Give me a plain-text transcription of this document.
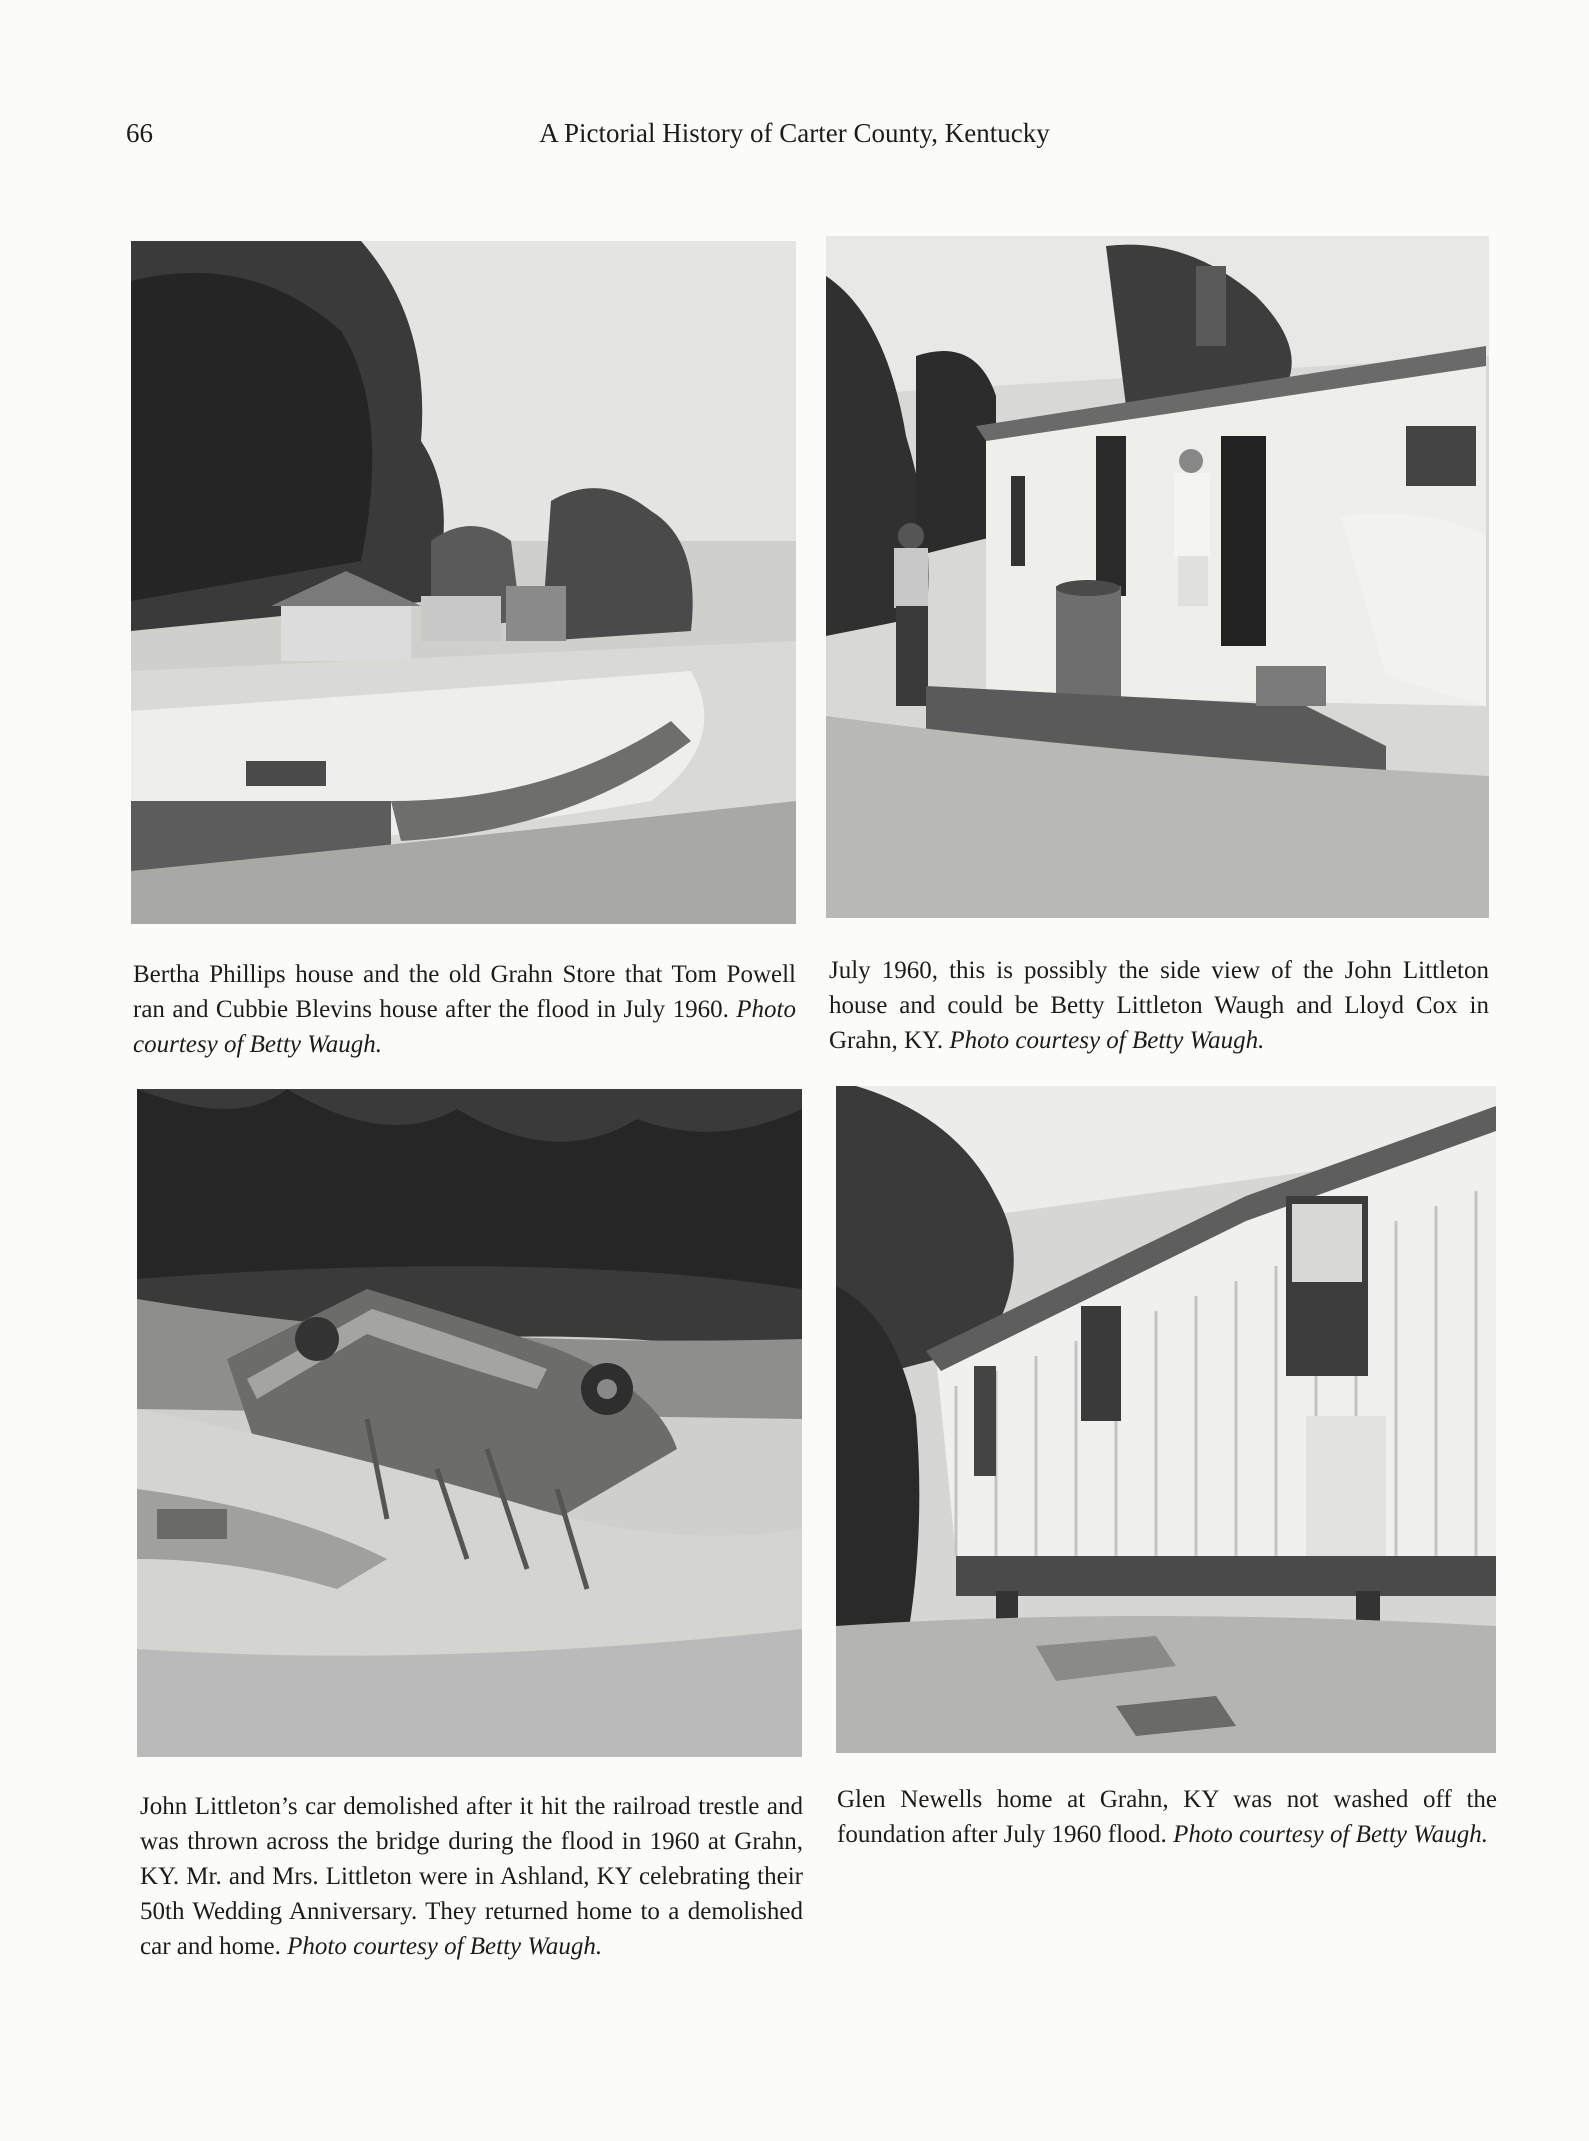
66	A Pictorial History of Carter County, Kentucky
Bertha Phillips house and the old Grahn Store that Tom Powell ran and Cubbie Blevins house after the flood in July 1960. Photo courtesy of Betty Waugh.
July 1960, this is possibly the side view of the John Littleton house and could be Betty Littleton Waugh and Lloyd Cox in Grahn, KY. Photo courtesy of Betty Waugh.
John Littleton’s car demolished after it hit the railroad trestle and was thrown across the bridge during the flood in 1960 at Grahn, KY. Mr. and Mrs. Littleton were in Ashland, KY celebrating their 50th Wedding Anniversary. They returned home to a demolished car and home. Photo courtesy of Betty Waugh.
Glen Newells home at Grahn, KY was not washed off the foundation after July 1960 flood. Photo courtesy of Betty Waugh.
